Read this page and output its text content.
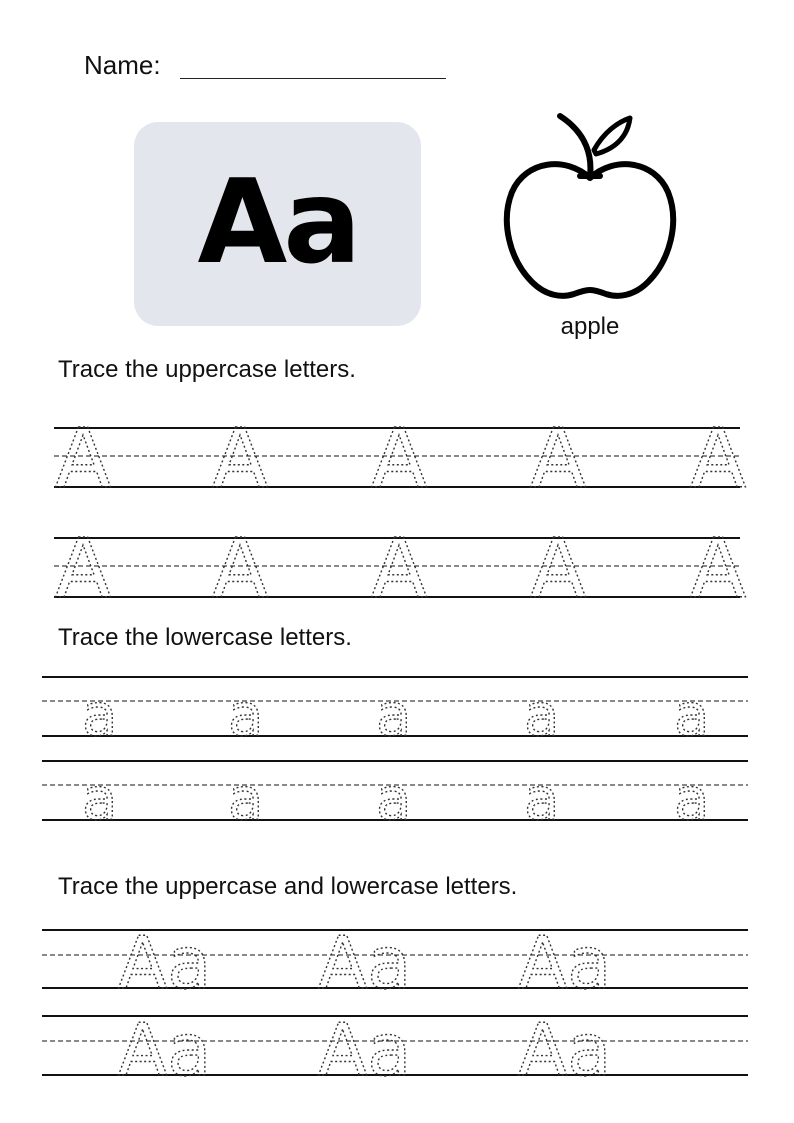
Name:
Aa
apple
Trace the uppercase letters.
Trace the lowercase letters.
Trace the uppercase and lowercase letters.
A A A A A
A A A A A
a a a a a
a a a a a
Aa Aa Aa
Aa Aa Aa
